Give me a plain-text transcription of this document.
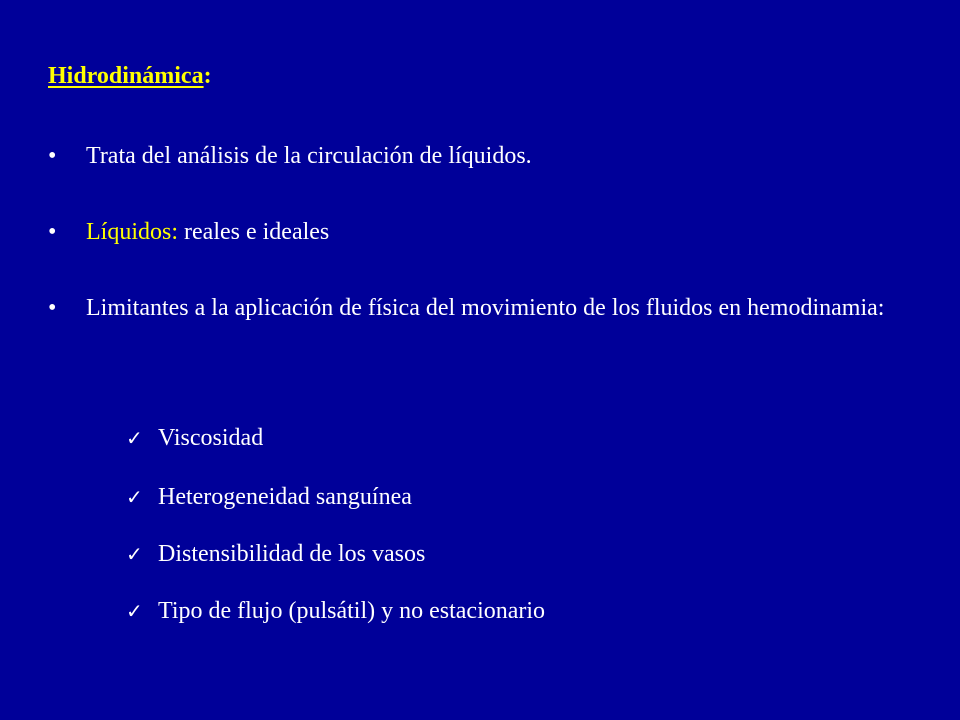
Hidrodinámica:
•	Trata del análisis de la circulación de líquidos.
•	Líquidos: reales e ideales
•	Limitantes a la aplicación de física del movimiento de los fluidos en hemodinamia:
✓ Viscosidad
✓ Heterogeneidad sanguínea
✓ Distensibilidad de los vasos
✓ Tipo de flujo (pulsátil) y no estacionario
